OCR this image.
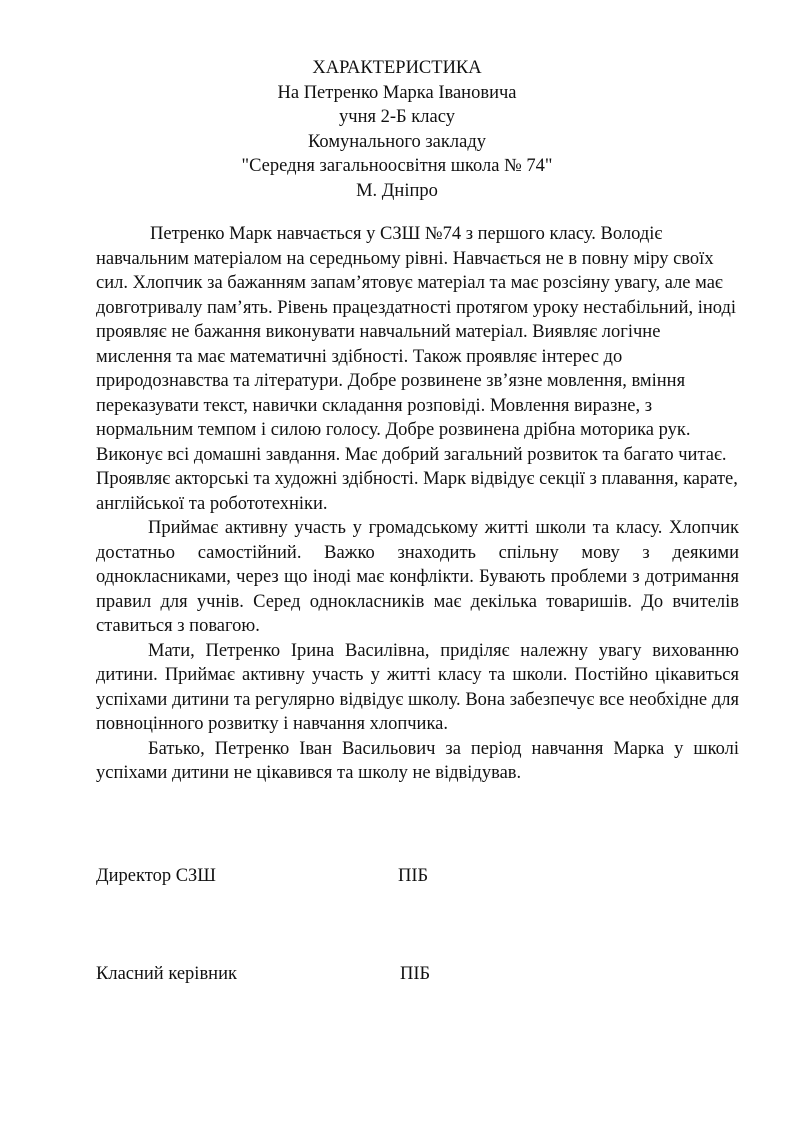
ХАРАКТЕРИСТИКА
На Петренко Марка Івановича
учня 2-Б класу
Комунального закладу
"Середня загальноосвітня школа № 74"
М. Дніпро

Петренко Марк навчається у СЗШ №74 з першого класу. Володіє навчальним матеріалом на середньому рівні. Навчається не в повну міру своїх сил. Хлопчик за бажанням запам’ятовує матеріал та має розсіяну увагу, але має довготривалу пам’ять. Рівень працездатності протягом уроку нестабільний, іноді проявляє не бажання виконувати навчальний матеріал. Виявляє логічне мислення та має математичні здібності. Також проявляє інтерес до природознавства та літератури. Добре розвинене зв’язне мовлення, вміння переказувати текст, навички складання розповіді. Мовлення виразне, з нормальним темпом і силою голосу. Добре розвинена дрібна моторика рук. Виконує всі домашні завдання. Має добрий загальний розвиток та багато читає. Проявляє акторські та художні здібності. Марк відвідує секції з плавання, карате, англійської та робототехніки.

Приймає активну участь у громадському житті школи та класу. Хлопчик достатньо самостійний. Важко знаходить спільну мову з деякими однокласниками, через що іноді має конфлікти. Бувають проблеми з дотримання правил для учнів. Серед однокласників має декілька товаришів. До вчителів ставиться з повагою.

Мати, Петренко Ірина Василівна, приділяє належну увагу вихованню дитини. Приймає активну участь у житті класу та школи. Постійно цікавиться успіхами дитини та регулярно відвідує школу. Вона забезпечує все необхідне для повноцінного розвитку і навчання хлопчика.

Батько, Петренко Іван Васильович за період навчання Марка у школі успіхами дитини не цікавився та школу не відвідував.

Директор СЗШ	ПІБ
Класний керівник	ПІБ
